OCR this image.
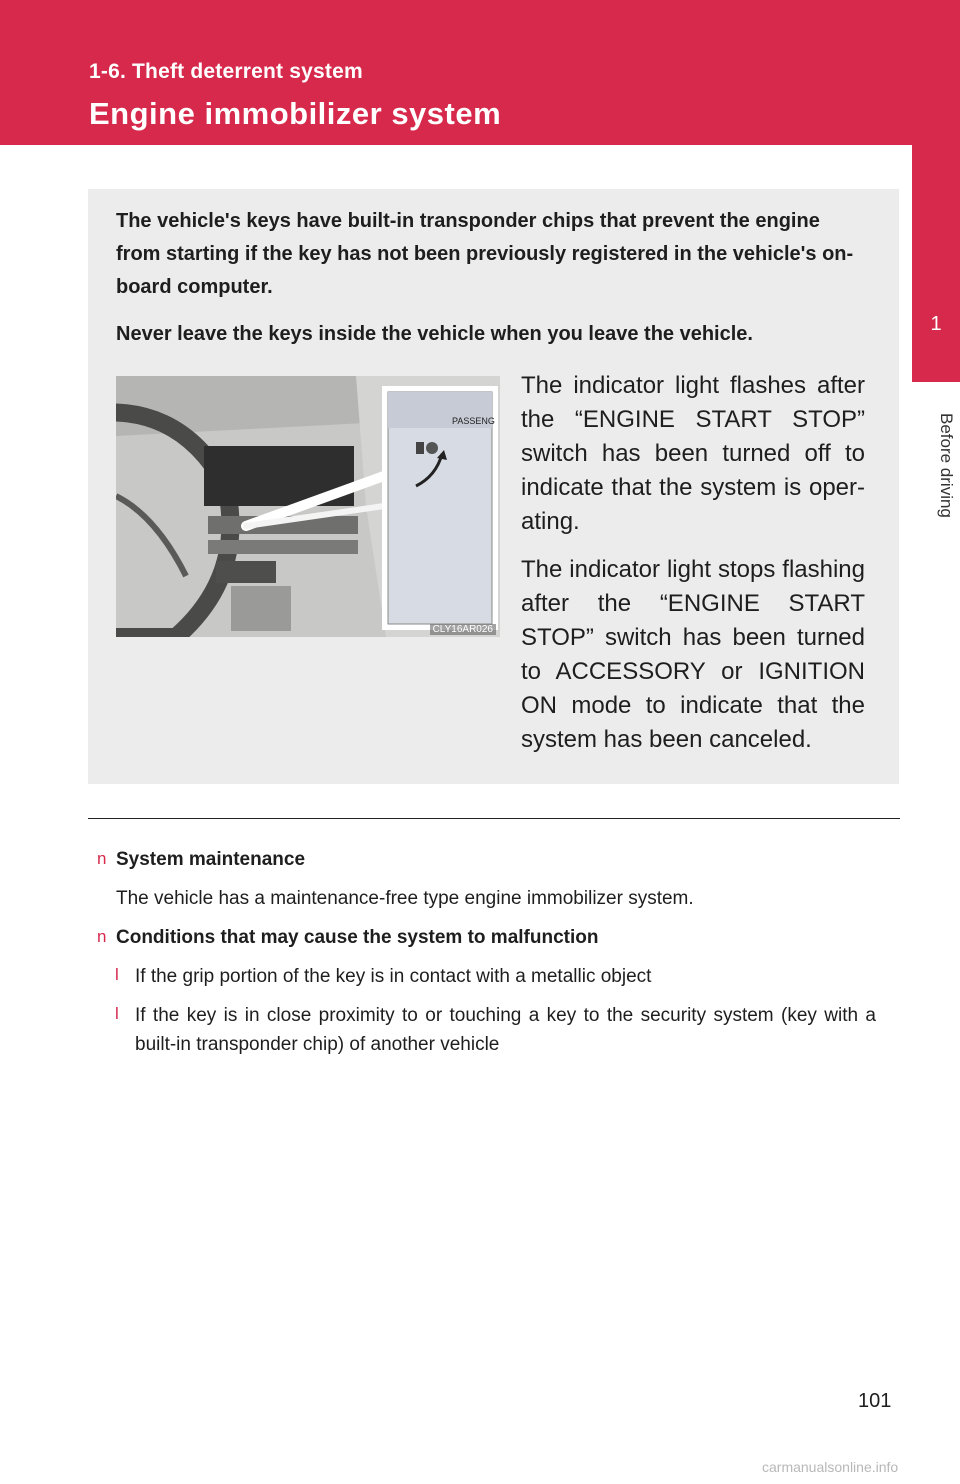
1-6. Theft deterrent system
Engine immobilizer system
1
Before driving

The vehicle's keys have built-in transponder chips that prevent the engine from starting if the key has not been previously registered in the vehicle's on-board computer.

Never leave the keys inside the vehicle when you leave the vehicle.

PASSENG
CLY16AR026

The indicator light flashes after the “ENGINE START STOP” switch has been turned off to indicate that the system is oper-ating.

The indicator light stops flashing after the “ENGINE START STOP” switch has been turned to ACCESSORY or IGNITION ON mode to indicate that the system has been canceled.

n System maintenance
The vehicle has a maintenance-free type engine immobilizer system.
n Conditions that may cause the system to malfunction
l If the grip portion of the key is in contact with a metallic object

l If the key is in close proximity to or touching a key to the security system (key with a built-in transponder chip) of another vehicle

101
carmanualsonline.info
